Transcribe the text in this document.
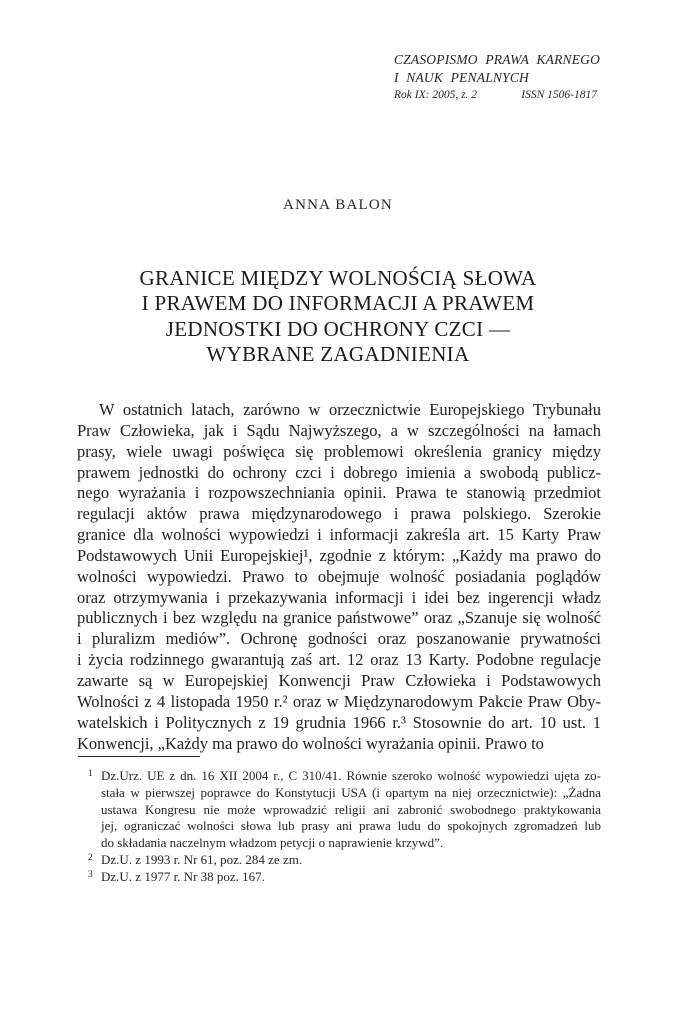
CZASOPISMO PRAWA KARNEGO
I NAUK PENALNYCH
Rok IX: 2005, z. 2	ISSN 1506-1817
ANNA BALON
GRANICE MIĘDZY WOLNOŚCIĄ SŁOWA
I PRAWEM DO INFORMACJI A PRAWEM
JEDNOSTKI DO OCHRONY CZCI —
WYBRANE ZAGADNIENIA
W ostatnich latach, zarówno w orzecznictwie Europejskiego Trybunału
Praw Człowieka, jak i Sądu Najwyższego, a w szczególności na łamach
prasy, wiele uwagi poświęca się problemowi określenia granicy między
prawem jednostki do ochrony czci i dobrego imienia a swobodą publicz-
nego wyrażania i rozpowszechniania opinii. Prawa te stanowią przedmiot
regulacji aktów prawa międzynarodowego i prawa polskiego. Szerokie
granice dla wolności wypowiedzi i informacji zakreśla art. 15 Karty Praw
Podstawowych Unii Europejskiej¹, zgodnie z którym: „Każdy ma prawo do
wolności wypowiedzi. Prawo to obejmuje wolność posiadania poglądów
oraz otrzymywania i przekazywania informacji i idei bez ingerencji władz
publicznych i bez względu na granice państwowe” oraz „Szanuje się wolność
i pluralizm mediów”. Ochronę godności oraz poszanowanie prywatności
i życia rodzinnego gwarantują zaś art. 12 oraz 13 Karty. Podobne regulacje
zawarte są w Europejskiej Konwencji Praw Człowieka i Podstawowych
Wolności z 4 listopada 1950 r.² oraz w Międzynarodowym Pakcie Praw Oby-
watelskich i Politycznych z 19 grudnia 1966 r.³ Stosownie do art. 10 ust. 1
Konwencji, „Każdy ma prawo do wolności wyrażania opinii. Prawo to
1 Dz.Urz. UE z dn. 16 XII 2004 r., C 310/41. Równie szeroko wolność wypowiedzi ujęta zo-
stała w pierwszej poprawce do Konstytucji USA (i opartym na niej orzecznictwie): „Żadna
ustawa Kongresu nie może wprowadzić religii ani zabronić swobodnego praktykowania
jej, ograniczać wolności słowa lub prasy ani prawa ludu do spokojnych zgromadzeń lub
do składania naczelnym władzom petycji o naprawienie krzywd”.
2 Dz.U. z 1993 r. Nr 61, poz. 284 ze zm.
3 Dz.U. z 1977 r. Nr 38 poz. 167.
